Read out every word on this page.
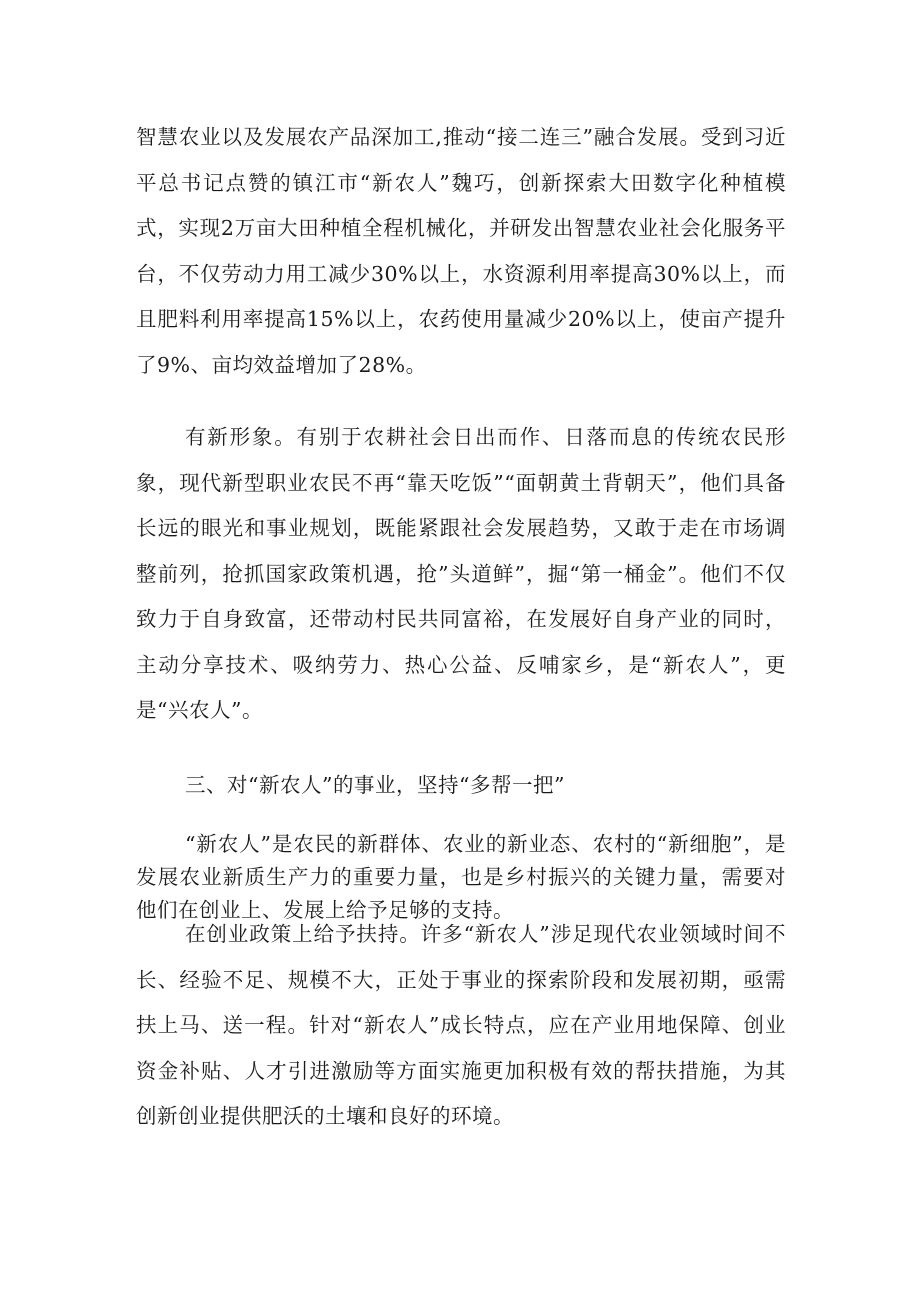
智慧农业以及发展农产品深加工,推动“接二连三”融合发展。受到习近平总书记点赞的镇江市“新农人”魏巧，创新探索大田数字化种植模式，实现2万亩大田种植全程机械化，并研发出智慧农业社会化服务平台，不仅劳动力用工减少30%以上，水资源利用率提高30%以上，而且肥料利用率提高15%以上，农药使用量减少20%以上，使亩产提升了9%、亩均效益增加了28%。

有新形象。有别于农耕社会日出而作、日落而息的传统农民形象，现代新型职业农民不再“靠天吃饭”“面朝黄土背朝天”，他们具备长远的眼光和事业规划，既能紧跟社会发展趋势，又敢于走在市场调整前列，抢抓国家政策机遇，抢”头道鲜”，掘“第一桶金”。他们不仅致力于自身致富，还带动村民共同富裕，在发展好自身产业的同时，主动分享技术、吸纳劳力、热心公益、反哺家乡，是“新农人”，更是“兴农人”。

三、对“新农人”的事业，坚持“多帮一把”

“新农人”是农民的新群体、农业的新业态、农村的“新细胞”，是发展农业新质生产力的重要力量，也是乡村振兴的关键力量，需要对他们在创业上、发展上给予足够的支持。

在创业政策上给予扶持。许多“新农人”涉足现代农业领域时间不长、经验不足、规模不大，正处于事业的探索阶段和发展初期，亟需扶上马、送一程。针对“新农人”成长特点，应在产业用地保障、创业资金补贴、人才引进激励等方面实施更加积极有效的帮扶措施，为其创新创业提供肥沃的土壤和良好的环境。
